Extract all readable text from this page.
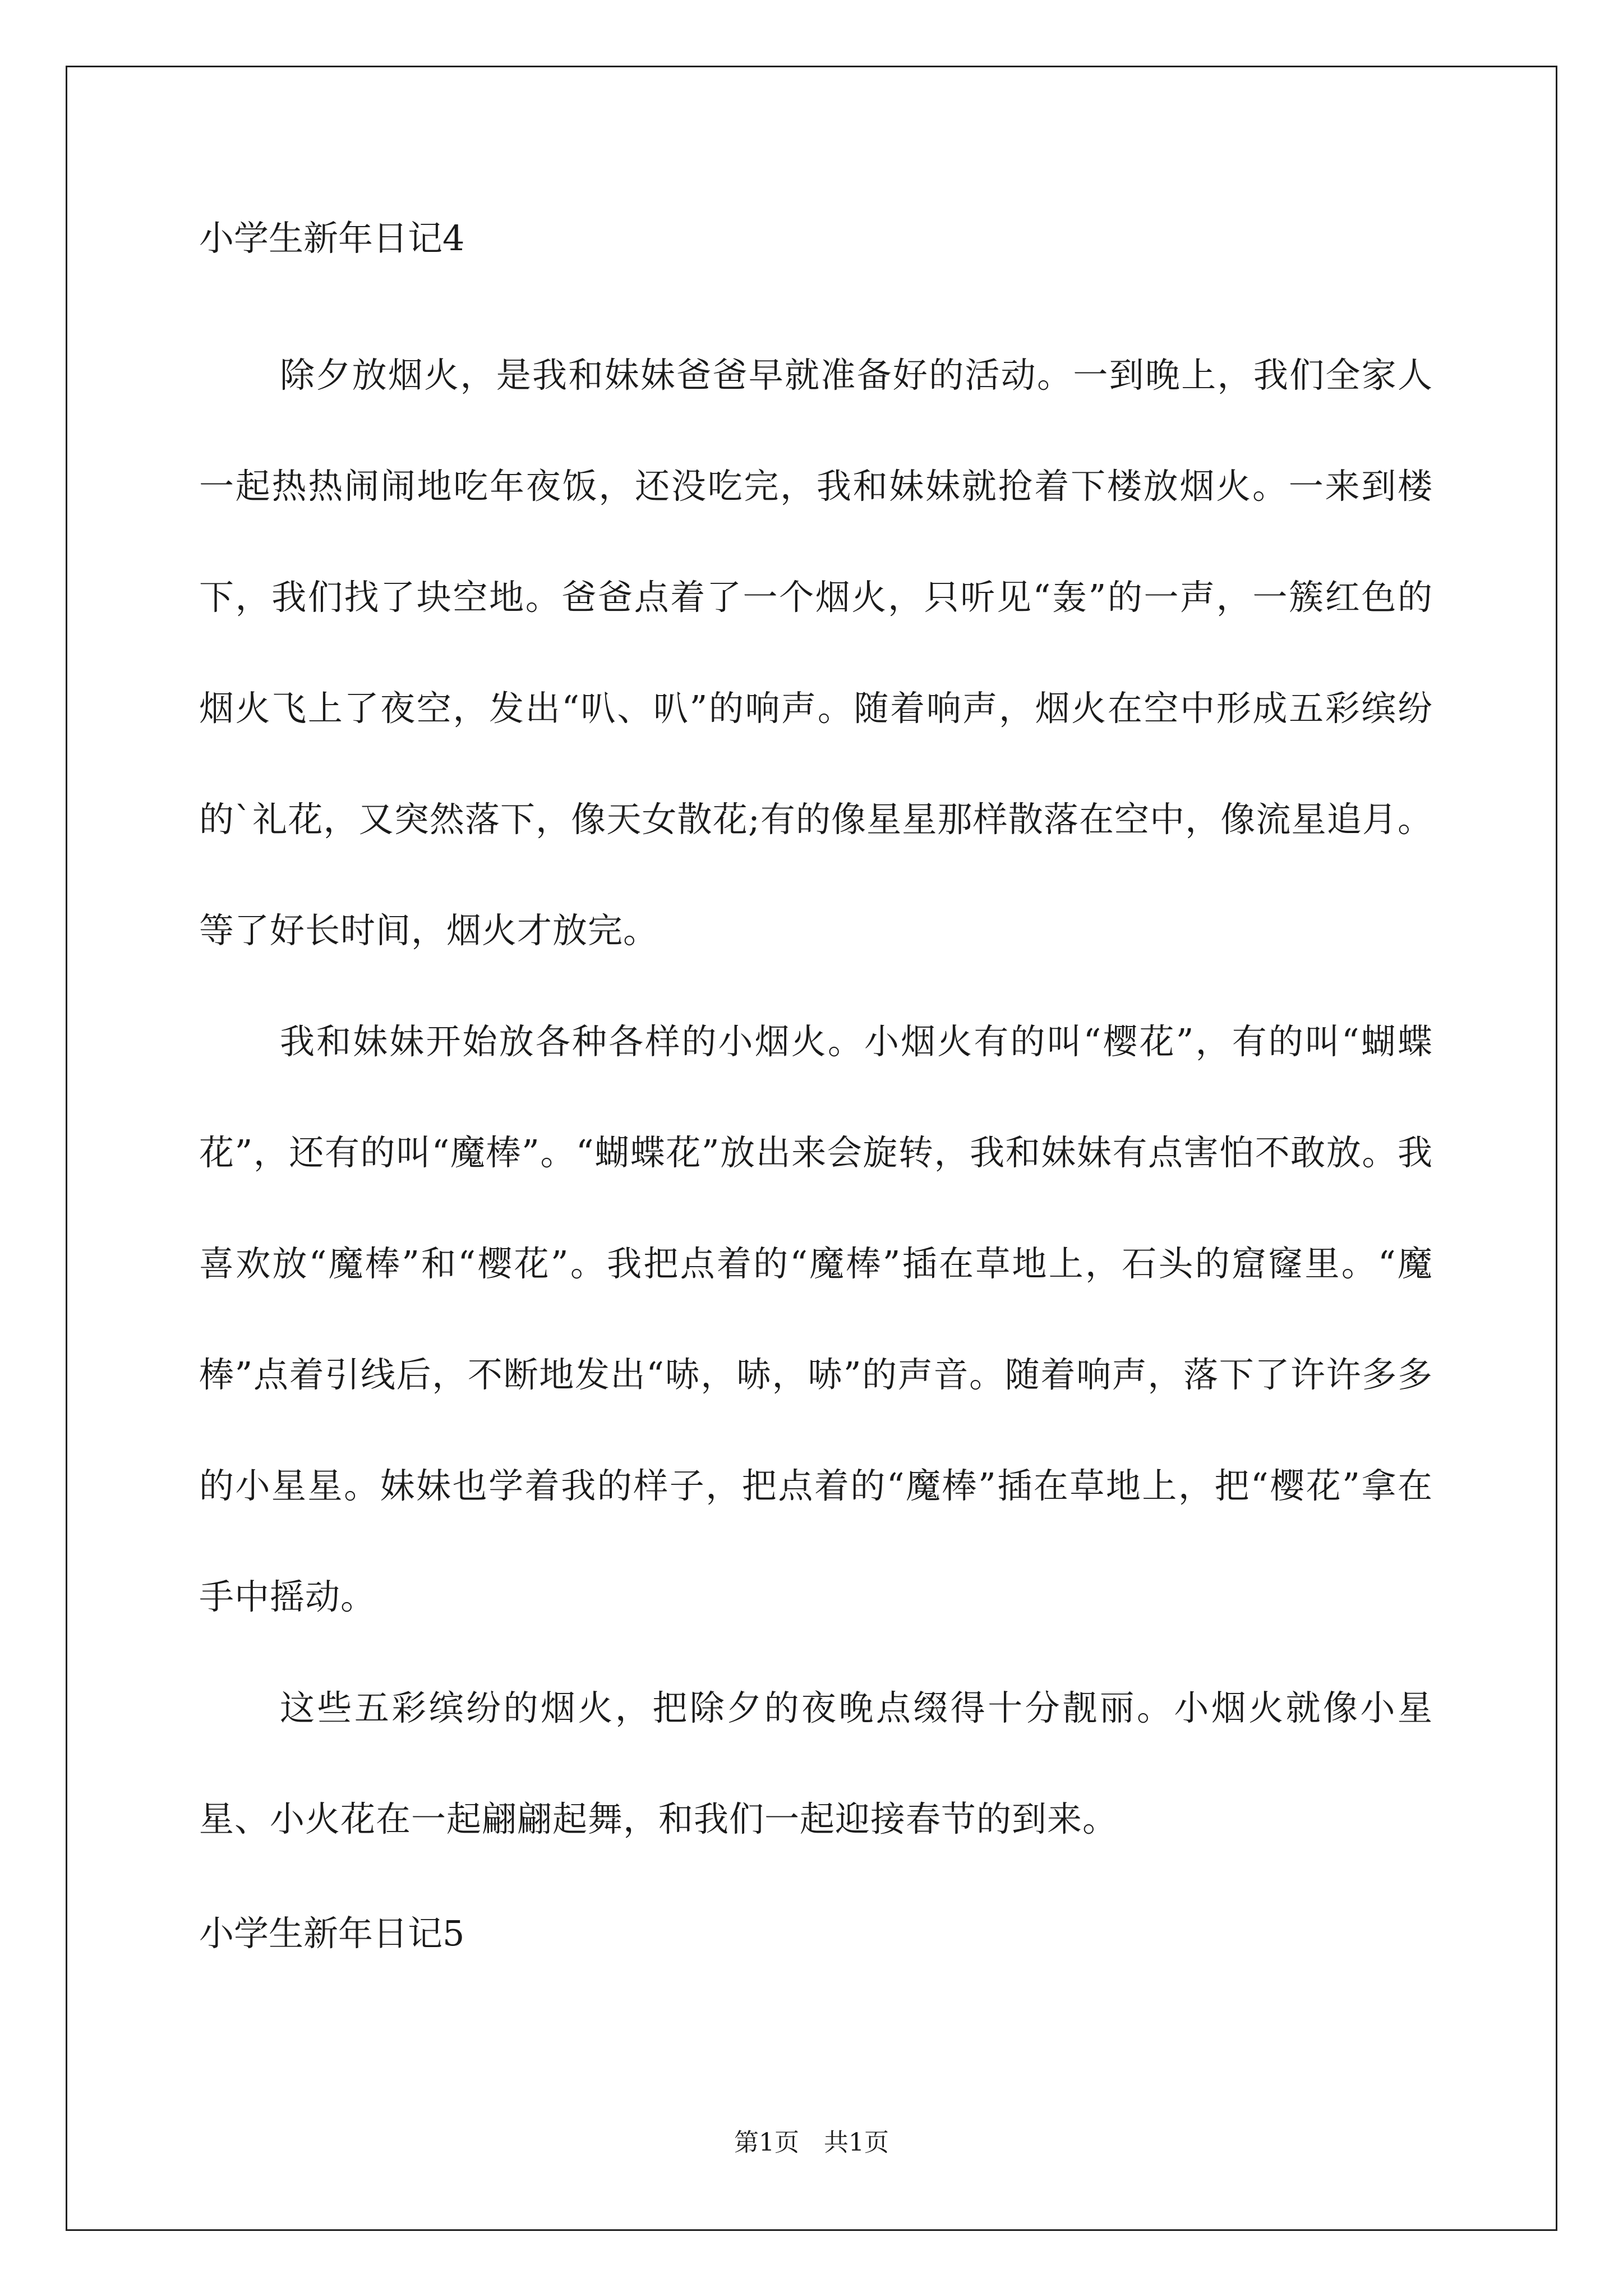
小学生新年日记4

除夕放烟火，是我和妹妹爸爸早就准备好的活动。一到晚上，我们全家人一起热热闹闹地吃年夜饭，还没吃完，我和妹妹就抢着下楼放烟火。一来到楼下，我们找了块空地。爸爸点着了一个烟火，只听见“轰”的一声，一簇红色的烟火飞上了夜空，发出“叭、叭”的响声。随着响声，烟火在空中形成五彩缤纷的`礼花，又突然落下，像天女散花;有的像星星那样散落在空中，像流星追月。等了好长时间，烟火才放完。

我和妹妹开始放各种各样的小烟火。小烟火有的叫“樱花”，有的叫“蝴蝶花”，还有的叫“魔棒”。“蝴蝶花”放出来会旋转，我和妹妹有点害怕不敢放。我喜欢放“魔棒”和“樱花”。我把点着的“魔棒”插在草地上，石头的窟窿里。“魔棒”点着引线后，不断地发出“哧，哧，哧”的声音。随着响声，落下了许许多多的小星星。妹妹也学着我的样子，把点着的“魔棒”插在草地上，把“樱花”拿在手中摇动。

这些五彩缤纷的烟火，把除夕的夜晚点缀得十分靓丽。小烟火就像小星星、小火花在一起翩翩起舞，和我们一起迎接春节的到来。

小学生新年日记5

第1页　共1页
